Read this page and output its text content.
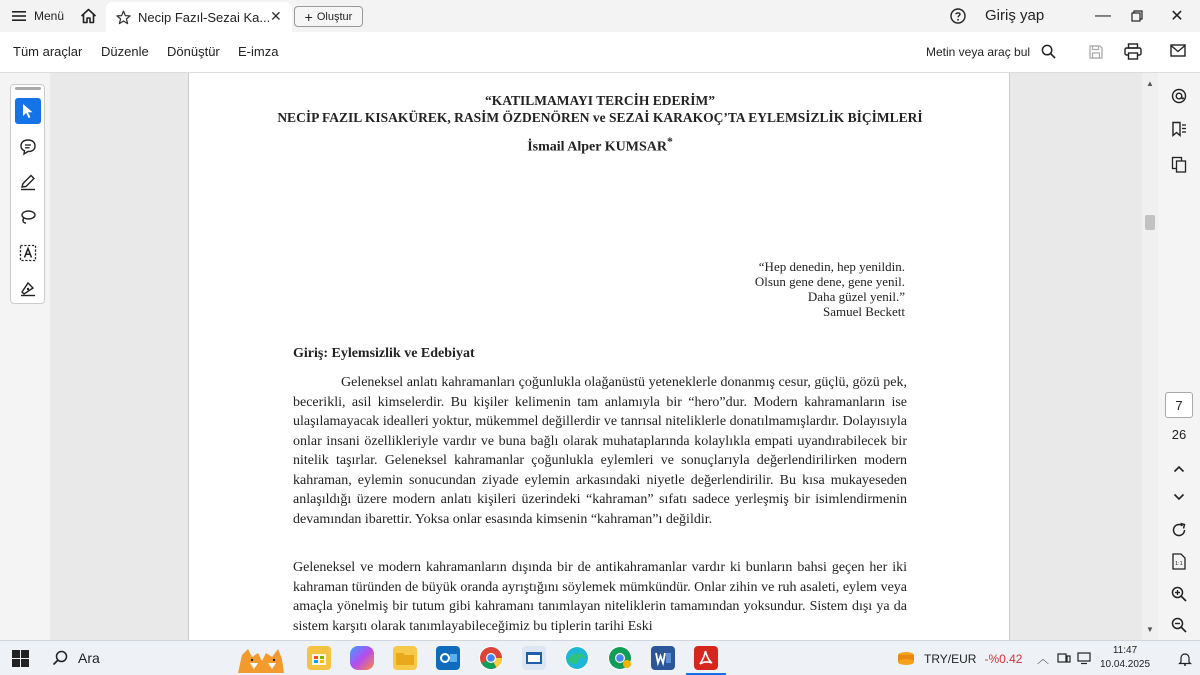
Menü	Necip Fazıl-Sezai Ka... ✕ + Oluştur	Giriş yap	—	✕
Tüm araçlar Düzenle Dönüştür E-imza	Metin veya araç bul
“KATILMAMAYI TERCİH EDERİM”
NECİP FAZIL KISAKÜREK, RASİM ÖZDENÖREN ve SEZAİ KARAKOÇ’TA EYLEMSİZLİK BİÇİMLERİ
İsmail Alper KUMSAR*
“Hep denedin, hep yenildin.
Olsun gene dene, gene yenil.
Daha güzel yenil.”
Samuel Beckett
Giriş: Eylemsizlik ve Edebiyat
Geleneksel anlatı kahramanları çoğunlukla olağanüstü yeteneklerle donanmış cesur, güçlü, gözü pek, becerikli, asil kimselerdir. Bu kişiler kelimenin tam anlamıyla bir “hero”dur. Modern kahramanların ise ulaşılamayacak idealleri yoktur, mükemmel değillerdir ve tanrısal niteliklerle donatılmamışlardır. Dolayısıyla onlar insani özellikleriyle vardır ve buna bağlı olarak muhataplarında kolaylıkla empati uyandırabilecek bir nitelik taşırlar. Geleneksel kahramanlar çoğunlukla eylemleri ve sonuçlarıyla değerlendirilirken modern kahraman, eylemin sonucundan ziyade eylemin arkasındaki niyetle değerlendirilir. Bu kısa mukayeseden anlaşıldığı üzere modern anlatı kişileri üzerindeki “kahraman” sıfatı sadece yerleşmiş bir isimlendirmenin devamından ibarettir. Yoksa onlar esasında kimsenin “kahraman”ı değildir.
Geleneksel ve modern kahramanların dışında bir de antikahramanlar vardır ki bunların bahsi geçen her iki kahraman türünden de büyük oranda ayrıştığını söylemek mümkündür. Onlar zihin ve ruh asaleti, eylem veya amaçla yönelmiş bir tutum gibi kahramanı tanımlayan niteliklerin tamamından yoksundur. Sistem dışı ya da sistem karşıtı olarak tanımlayabileceğimiz bu tiplerin tarihi Eski
▲
▼
7
26
1:1
Ara	TRY/EUR -%0.42 ︿
11:47
10.04.2025
